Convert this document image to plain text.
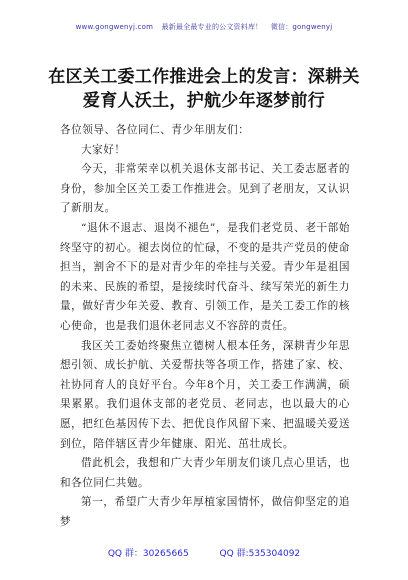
www.gongwenyj.com 最新最全最专业的公文资料库！ 微信：gongwenyj
在区关工委工作推进会上的发言：深耕关
爱育人沃土，护航少年逐梦前行

各位领导、各位同仁、青少年朋友们：

大家好！

今天，非常荣幸以机关退休支部书记、关工委志愿者的身份，参加全区关工委工作推进会。见到了老朋友，又认识了新朋友。

“退休不退志、退岗不褪色”，是我们老党员、老干部始终坚守的初心。褪去岗位的忙碌，不变的是共产党员的使命担当，割舍不下的是对青少年的牵挂与关爱。青少年是祖国的未来、民族的希望，是接续时代奋斗、续写荣光的新生力量，做好青少年关爱、教育、引领工作，是关工委工作的核心使命，也是我们退休老同志义不容辞的责任。

我区关工委始终聚焦立德树人根本任务，深耕青少年思想引领、成长护航、关爱帮扶等各项工作，搭建了家、校、社协同育人的良好平台。今年8个月，关工委工作满满，硕果累累。我们退休支部的老党员、老同志，也以最大的心愿，把红色基因传下去、把优良作风留下来、把温暖关爱送到位，陪伴辖区青少年健康、阳光、茁壮成长。

借此机会，我想和广大青少年朋友们谈几点心里话，也和各位同仁共勉。

第一，希望广大青少年厚植家国情怀，做信仰坚定的追梦

QQ 群：30265665	QQ 群:535304092
